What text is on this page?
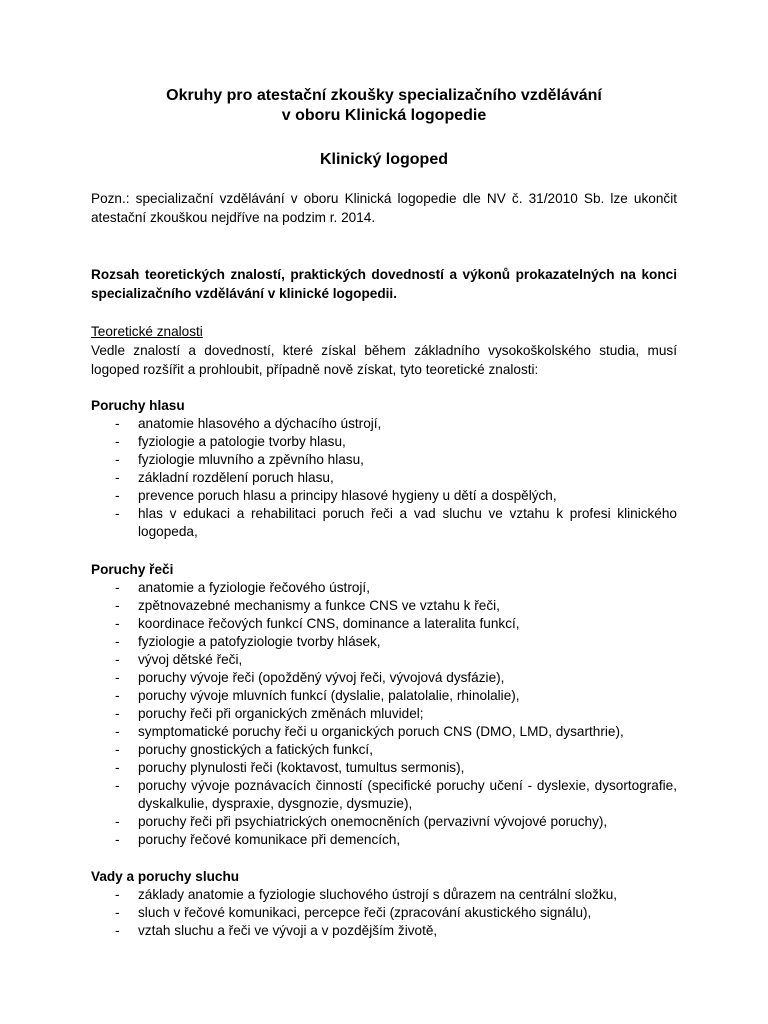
Okruhy pro atestační zkoušky specializačního vzdělávání
v oboru Klinická logopedie

Klinický logoped

Pozn.: specializační vzdělávání v oboru Klinická logopedie dle NV č. 31/2010 Sb. lze ukončit atestační zkouškou nejdříve na podzim r. 2014.

Rozsah teoretických znalostí, praktických dovedností a výkonů prokazatelných na konci specializačního vzdělávání v klinické logopedii.

Teoretické znalosti

Vedle znalostí a dovedností, které získal během základního vysokoškolského studia, musí logoped rozšířit a prohloubit, případně nově získat, tyto teoretické znalosti:

Poruchy hlasu

- anatomie hlasového a dýchacího ústrojí,
- fyziologie a patologie tvorby hlasu,
- fyziologie mluvního a zpěvního hlasu,
- základní rozdělení poruch hlasu,
- prevence poruch hlasu a principy hlasové hygieny u dětí a dospělých,
- hlas v edukaci a rehabilitaci poruch řeči a vad sluchu ve vztahu k profesi klinického logopeda,

Poruchy řeči

- anatomie a fyziologie řečového ústrojí,
- zpětnovazebné mechanismy a funkce CNS ve vztahu k řeči,
- koordinace řečových funkcí CNS, dominance a lateralita funkcí,
- fyziologie a patofyziologie tvorby hlásek,
- vývoj dětské řeči,
- poruchy vývoje řeči (opožděný vývoj řeči, vývojová dysfázie),
- poruchy vývoje mluvních funkcí (dyslalie, palatolalie, rhinolalie),
- poruchy řeči při organických změnách mluvidel;
- symptomatické poruchy řeči u organických poruch CNS (DMO, LMD, dysarthrie),
- poruchy gnostických a fatických funkcí,
- poruchy plynulosti řeči (koktavost, tumultus sermonis),
- poruchy vývoje poznávacích činností (specifické poruchy učení - dyslexie, dysortografie, dyskalkulie, dyspraxie, dysgnozie, dysmuzie),
- poruchy řeči při psychiatrických onemocněních (pervazivní vývojové poruchy),
- poruchy řečové komunikace při demencích,

Vady a poruchy sluchu

- základy anatomie a fyziologie sluchového ústrojí s důrazem na centrální složku,
- sluch v řečové komunikaci, percepce řeči (zpracování akustického signálu),
- vztah sluchu a řeči ve vývoji a v pozdějším životě,
